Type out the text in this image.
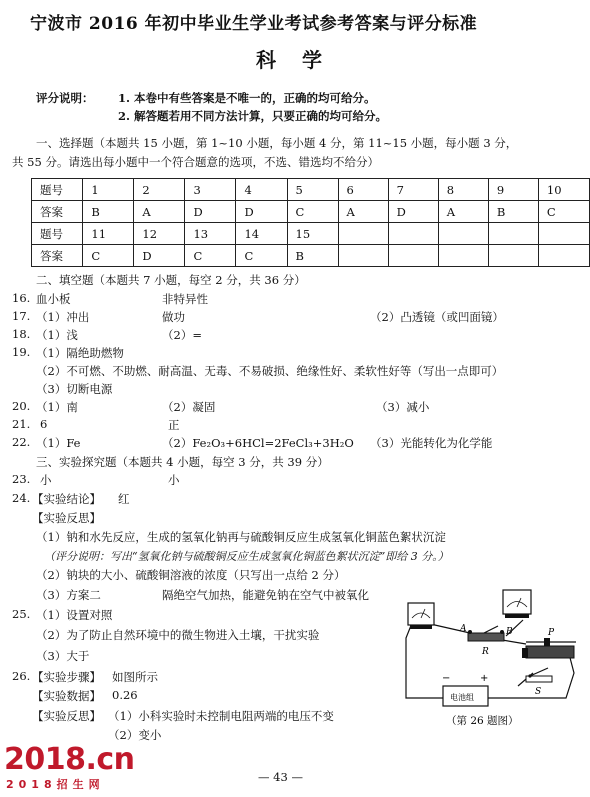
宁波市 2016 年初中毕业生学业考试参考答案与评分标准
科学
评分说明： 1. 本卷中有些答案是不唯一的，正确的均可给分。
2. 解答题若用不同方法计算，只要正确的均可给分。
一、选择题（本题共 15 小题，第 1~10 小题，每小题 4 分，第 11~15 小题，每小题 3 分，
共 55 分。请选出每小题中一个符合题意的选项，不选、错选均不给分）
题号	1	2	3	4	5	6	7	8	9	10
答案	B	A	D	D	C	A	D	A	B	C
题号	11	12	13	14	15					
答案	C	D	C	C	B					
二、填空题（本题共 7 小题，每空 2 分，共 36 分）
16. 血小板	非特异性
17. （1）冲出	做功	（2）凸透镜（或凹面镜）
18. （1）浅	（2）=
19. （1）隔绝助燃物
（2）不可燃、不助燃、耐高温、无毒、不易破损、绝缘性好、柔软性好等（写出一点即可）
（3）切断电源
20. （1）南	（2）凝固	（3）减小
21. 6	正
22. （1）Fe	（2）Fe₂O₃+6HCl=2FeCl₃+3H₂O （3）光能转化为化学能
三、实验探究题（本题共 4 小题，每空 3 分，共 39 分）
23. 小	小
24. 【实验结论】 红
【实验反思】
（1）钠和水先反应，生成的氢氧化钠再与硫酸铜反应生成氢氧化铜蓝色絮状沉淀
（评分说明：写出“氢氧化钠与硫酸铜反应生成氢氧化铜蓝色絮状沉淀”即给 3 分。）
（2）钠块的大小、硫酸铜溶液的浓度（只写出一点给 2 分）
（3）方案二	隔绝空气加热，能避免钠在空气中被氧化
25. （1）设置对照
（2）为了防止自然环境中的微生物进入土壤，干扰实验
（3）大于
26. 【实验步骤】 如图所示
【实验数据】 0.26
【实验反思】 （1）小科实验时未控制电阻两端的电压不变
（2）变小
A	B
R
P
S
电池组
−	+
（第 26 题图）
— 43 —
2018.cn
2018招生网
